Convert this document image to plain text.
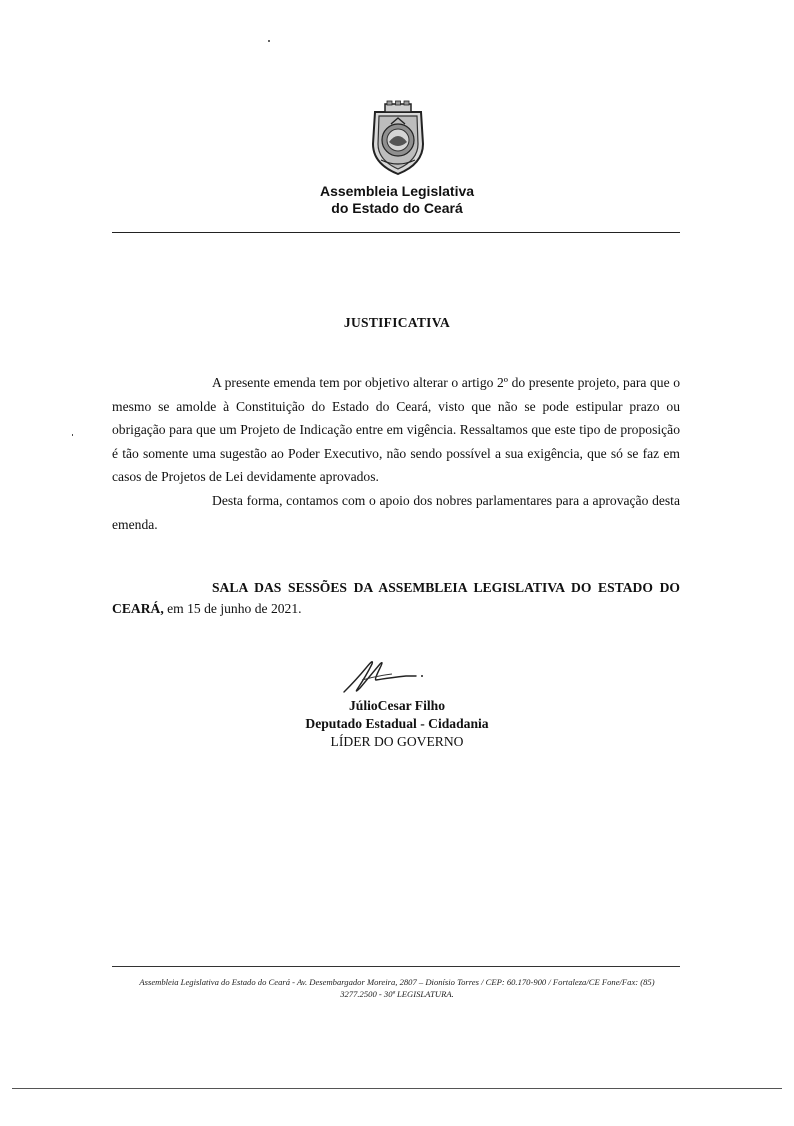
Assembleia Legislativa
do Estado do Ceará
JUSTIFICATIVA
A presente emenda tem por objetivo alterar o artigo 2º do presente projeto, para que o mesmo se amolde à Constituição do Estado do Ceará, visto que não se pode estipular prazo ou obrigação para que um Projeto de Indicação entre em vigência. Ressaltamos que este tipo de proposição é tão somente uma sugestão ao Poder Executivo, não sendo possível a sua exigência, que só se faz em casos de Projetos de Lei devidamente aprovados.
Desta forma, contamos com o apoio dos nobres parlamentares para a aprovação desta emenda.
SALA DAS SESSÕES DA ASSEMBLEIA LEGISLATIVA DO ESTADO DO CEARÁ, em 15 de junho de 2021.
JúlioCesar Filho
Deputado Estadual - Cidadania
LÍDER DO GOVERNO
Assembleia Legislativa do Estado do Ceará - Av. Desembargador Moreira, 2807 – Dionísio Torres / CEP: 60.170-900 / Fortaleza/CE Fone/Fax: (85)
3277.2500 - 30ª LEGISLATURA.
